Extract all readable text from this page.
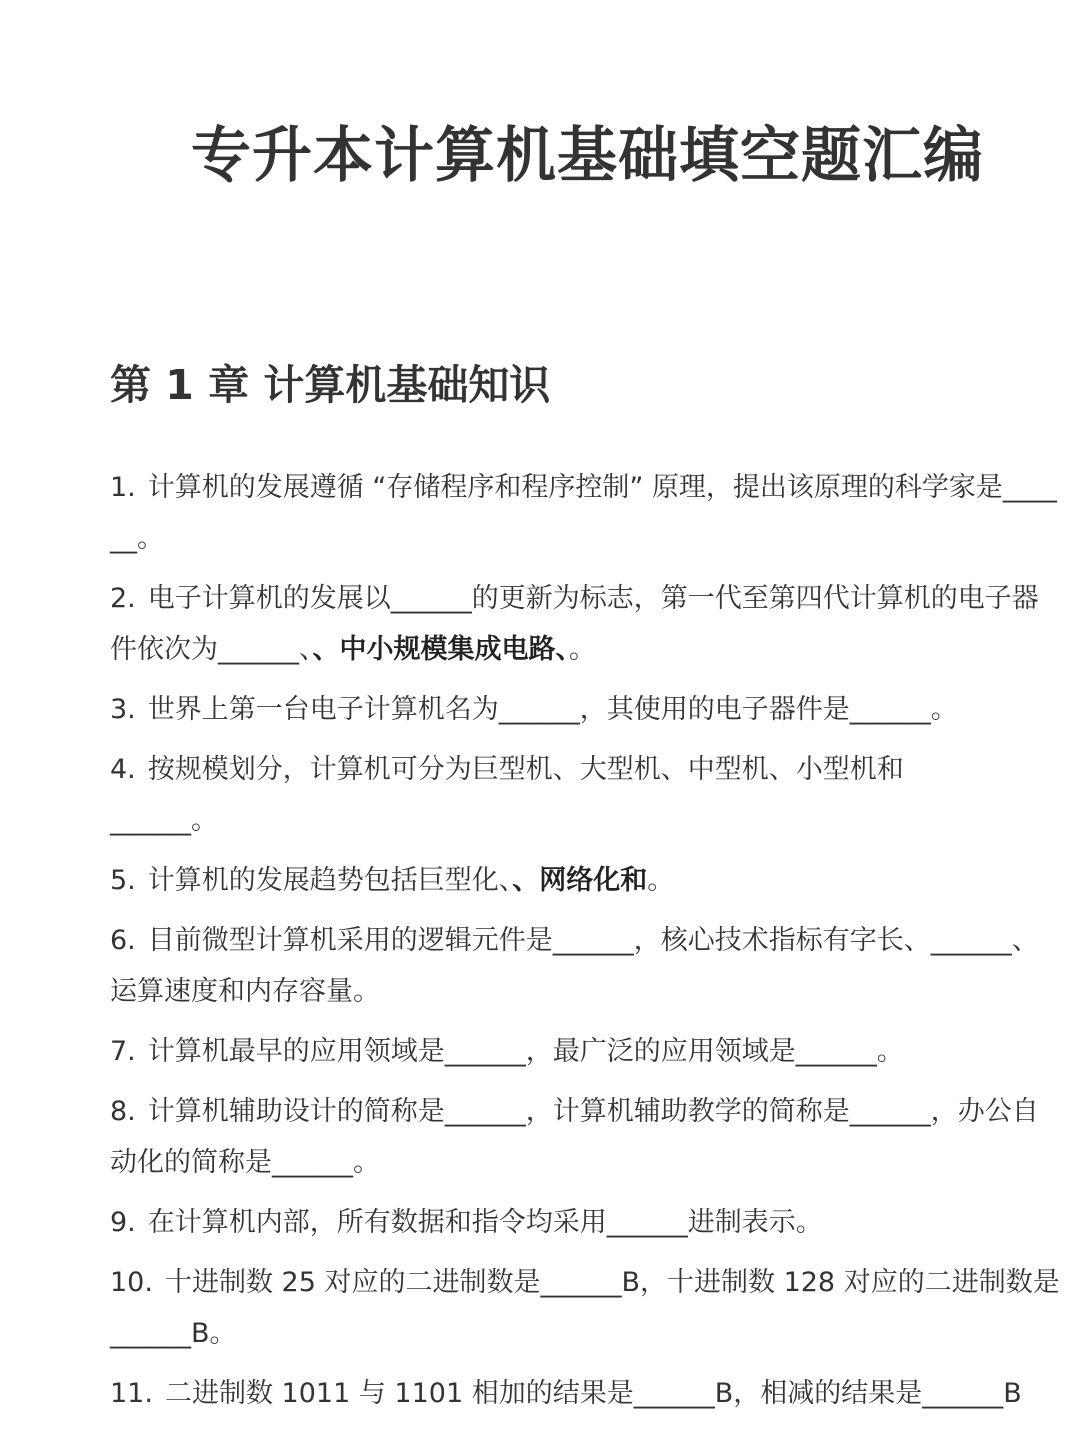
专升本计算机基础填空题汇编
第 1 章 计算机基础知识
1. 计算机的发展遵循 “存储程序和程序控制” 原理，提出该原理的科学家是______。
2. 电子计算机的发展以______的更新为标志，第一代至第四代计算机的电子器件依次为______、、中小规模集成电路、。
3. 世界上第一台电子计算机名为______，其使用的电子器件是______。
4. 按规模划分，计算机可分为巨型机、大型机、中型机、小型机和
______。
5. 计算机的发展趋势包括巨型化、、网络化和。
6. 目前微型计算机采用的逻辑元件是______，核心技术指标有字长、______、运算速度和内存容量。
7. 计算机最早的应用领域是______，最广泛的应用领域是______。
8. 计算机辅助设计的简称是______，计算机辅助教学的简称是______，办公自动化的简称是______。
9. 在计算机内部，所有数据和指令均采用______进制表示。
10. 十进制数 25 对应的二进制数是______B，十进制数 128 对应的二进制数是______B。
11. 二进制数 1011 与 1101 相加的结果是______B，相减的结果是______B
